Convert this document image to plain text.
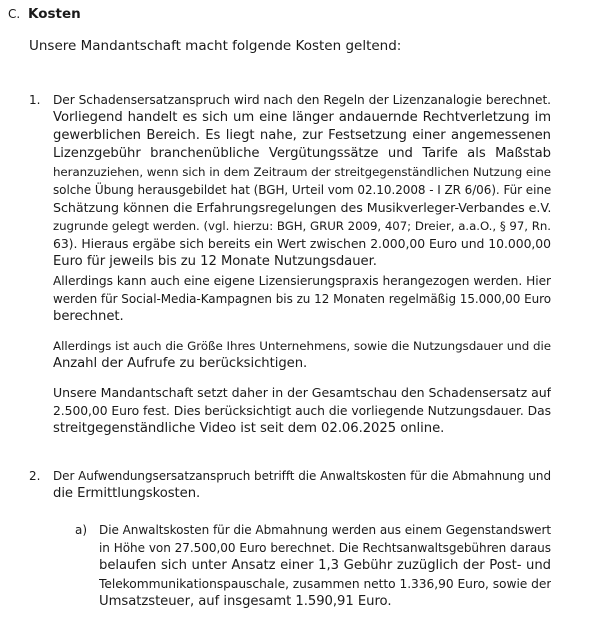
C. Kosten
Unsere Mandantschaft macht folgende Kosten geltend:
1. Der Schadensersatzanspruch wird nach den Regeln der Lizenzanalogie berechnet.
Vorliegend handelt es sich um eine länger andauernde Rechtverletzung im
gewerblichen Bereich. Es liegt nahe, zur Festsetzung einer angemessenen
Lizenzgebühr branchenübliche Vergütungssätze und Tarife als Maßstab
heranzuziehen, wenn sich in dem Zeitraum der streitgegenständlichen Nutzung eine
solche Übung herausgebildet hat (BGH, Urteil vom 02.10.2008 - I ZR 6/06). Für eine
Schätzung können die Erfahrungsregelungen des Musikverleger-Verbandes e.V.
zugrunde gelegt werden. (vgl. hierzu: BGH, GRUR 2009, 407; Dreier, a.a.O., § 97, Rn.
63). Hieraus ergäbe sich bereits ein Wert zwischen 2.000,00 Euro und 10.000,00
Euro für jeweils bis zu 12 Monate Nutzungsdauer.
Allerdings kann auch eine eigene Lizensierungspraxis herangezogen werden. Hier
werden für Social-Media-Kampagnen bis zu 12 Monaten regelmäßig 15.000,00 Euro
berechnet.
Allerdings ist auch die Größe Ihres Unternehmens, sowie die Nutzungsdauer und die
Anzahl der Aufrufe zu berücksichtigen.
Unsere Mandantschaft setzt daher in der Gesamtschau den Schadensersatz auf
2.500,00 Euro fest. Dies berücksichtigt auch die vorliegende Nutzungsdauer. Das
streitgegenständliche Video ist seit dem 02.06.2025 online.
2. Der Aufwendungsersatzanspruch betrifft die Anwaltskosten für die Abmahnung und
die Ermittlungskosten.
a) Die Anwaltskosten für die Abmahnung werden aus einem Gegenstandswert
in Höhe von 27.500,00 Euro berechnet. Die Rechtsanwaltsgebühren daraus
belaufen sich unter Ansatz einer 1,3 Gebühr zuzüglich der Post- und
Telekommunikationspauschale, zusammen netto 1.336,90 Euro, sowie der
Umsatzsteuer, auf insgesamt 1.590,91 Euro.
